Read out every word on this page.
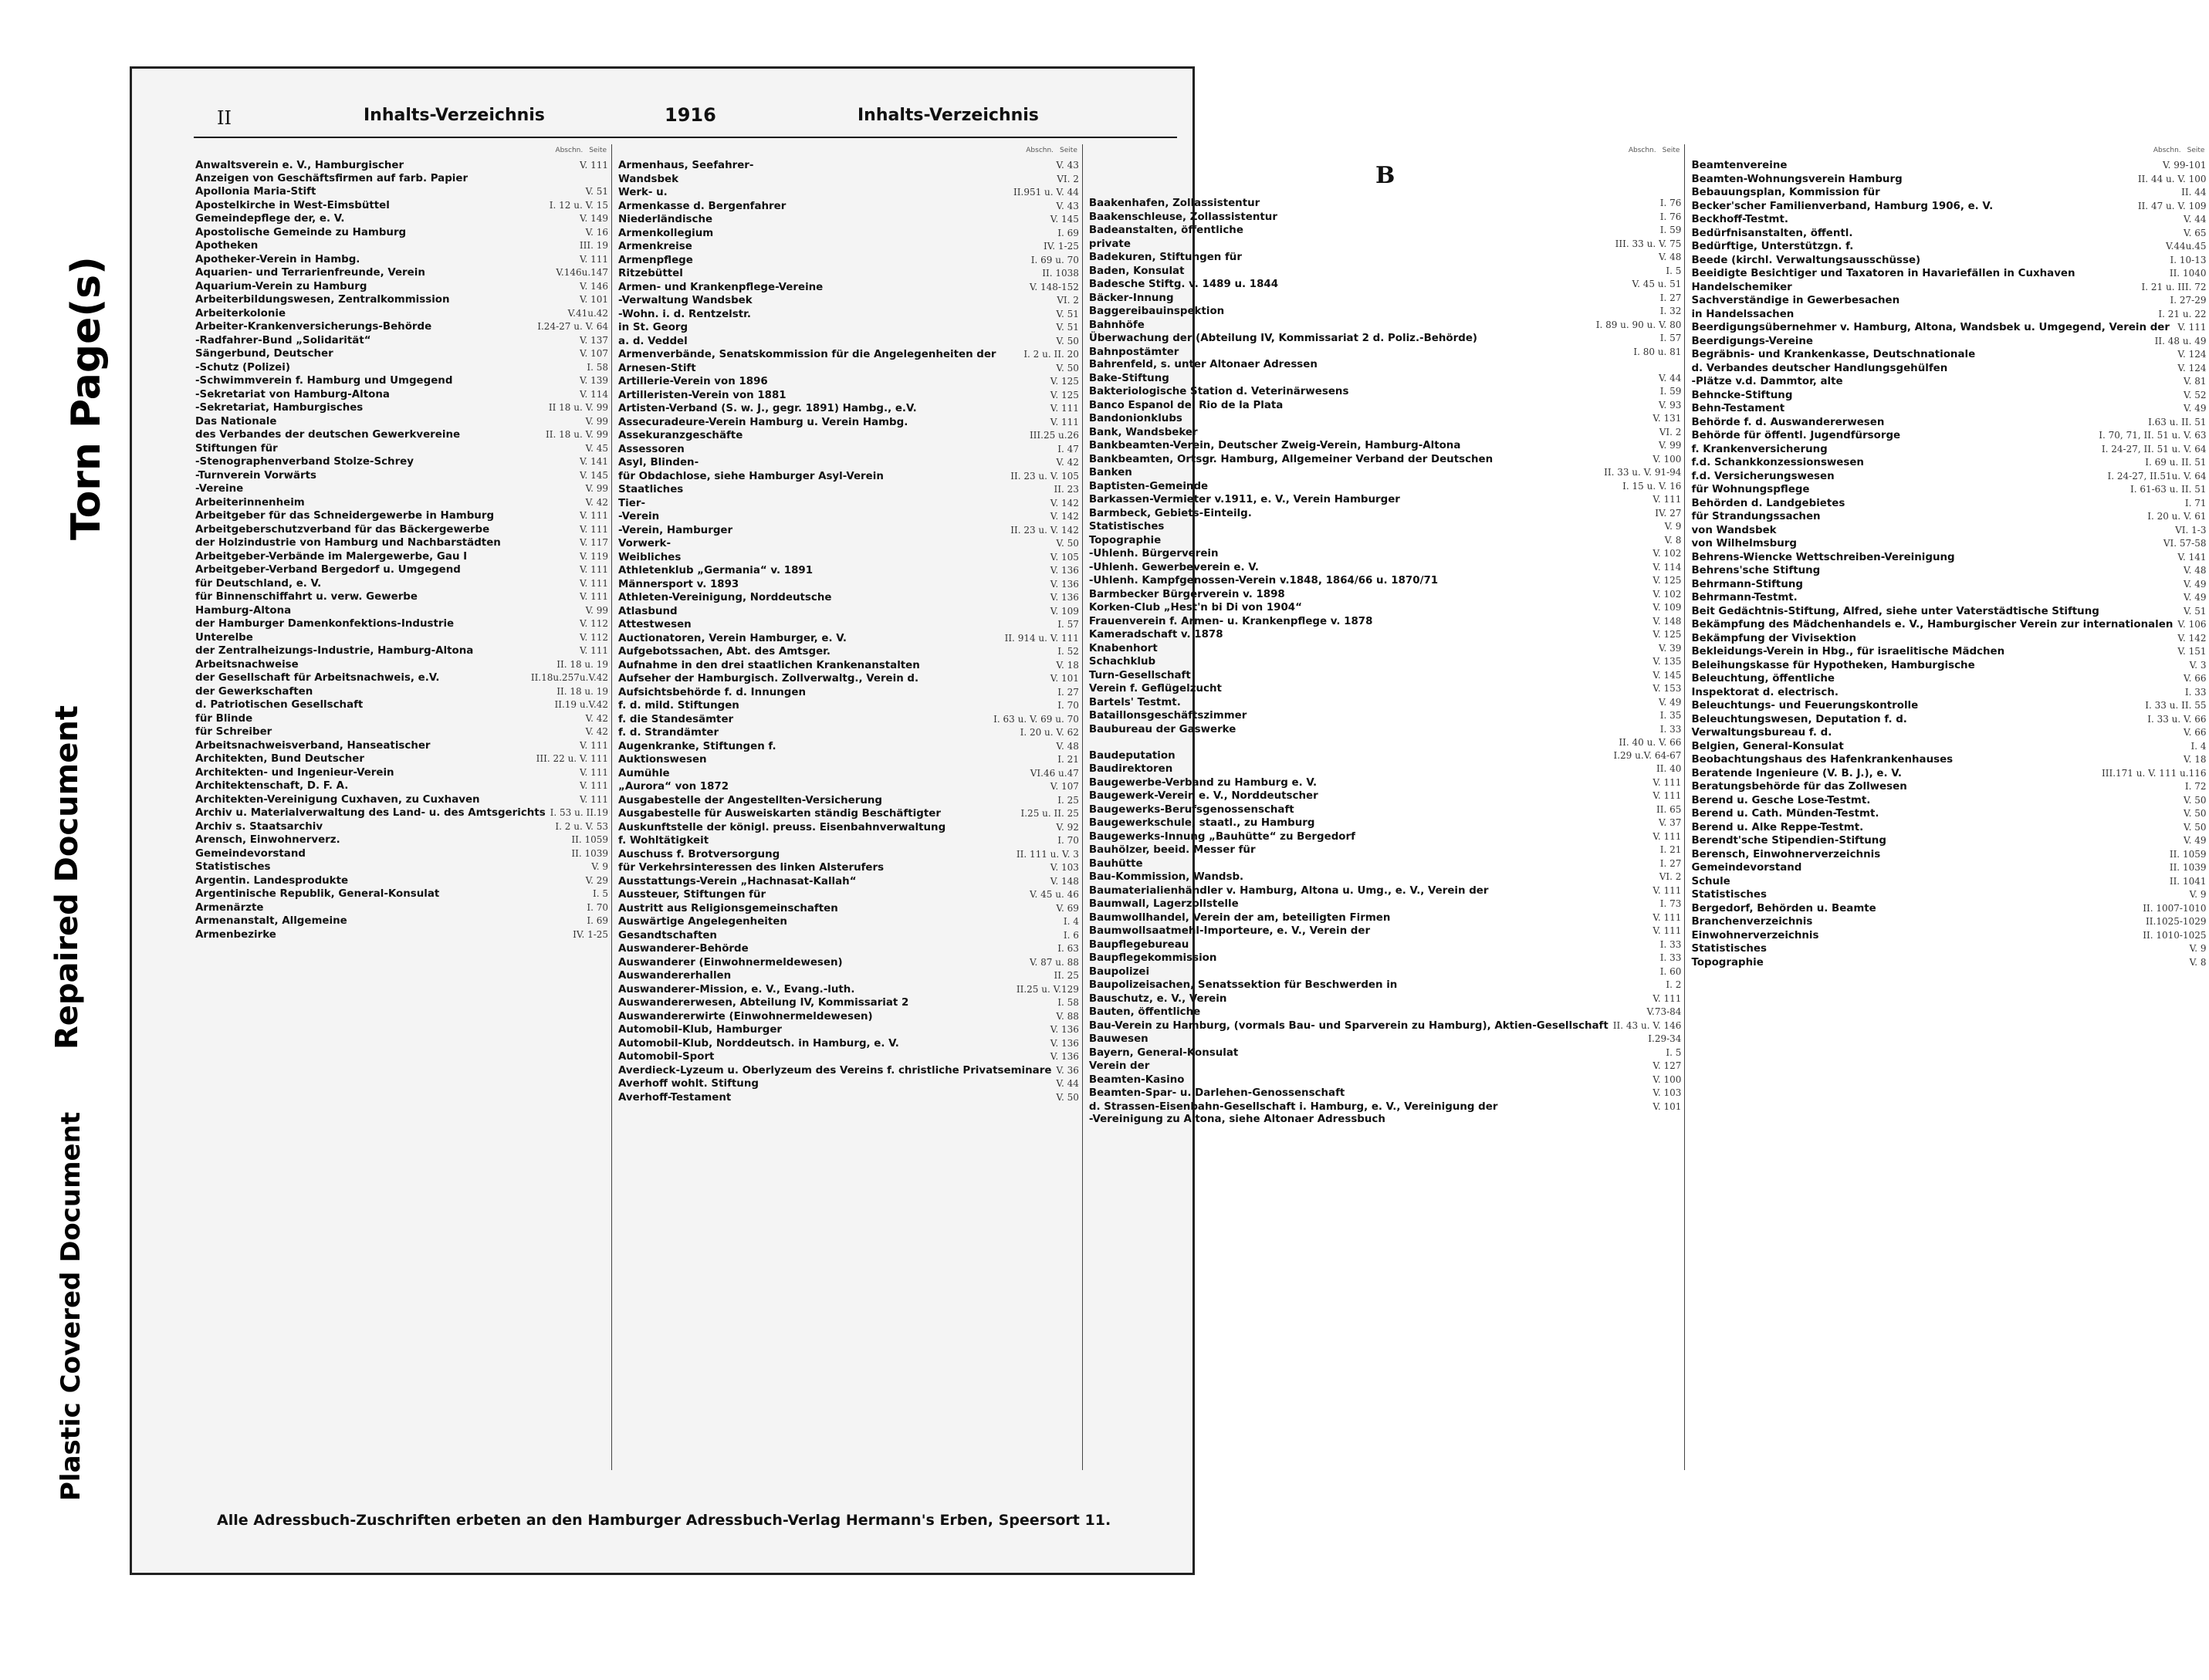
Plastic Covered Document
Repaired Document
Torn Page(s)
II	Inhalts-Verzeichnis	1916	Inhalts-Verzeichnis
Abschn. Seite
Anwaltsverein e. V., Hamburgischer	V. 111
Anzeigen von Geschäftsfirmen auf farb. Papier
Apollonia Maria-Stift	V. 51
Apostelkirche in West-Eimsbüttel	I. 12 u. V. 15
Gemeindepflege der, e. V.	V. 149
Apostolische Gemeinde zu Hamburg	V. 16
Apotheken	III. 19
Apotheker-Verein in Hambg.	V. 111
Aquarien- und Terrarienfreunde, Verein	V.146u.147
Aquarium-Verein zu Hamburg	V. 146
Arbeiterbildungswesen, Zentralkommission	V. 101
Arbeiterkolonie	V.41u.42
Arbeiter-Krankenversicherungs-Behörde	I.24-27 u. V. 64
-Radfahrer-Bund „Solidarität“	V. 137
Sängerbund, Deutscher	V. 107
-Schutz (Polizei)	I. 58
-Schwimmverein f. Hamburg und Umgegend	V. 139
-Sekretariat von Hamburg-Altona	V. 114
-Sekretariat, Hamburgisches	II 18 u. V. 99
Das Nationale	V. 99
des Verbandes der deutschen Gewerkvereine	II. 18 u. V. 99
Stiftungen für	V. 45
-Stenographenverband Stolze-Schrey	V. 141
-Turnverein Vorwärts	V. 145
-Vereine	V. 99
Arbeiterinnenheim	V. 42
Arbeitgeber für das Schneidergewerbe in Hamburg	V. 111
Arbeitgeberschutzverband für das Bäckergewerbe	V. 111
der Holzindustrie von Hamburg und Nachbarstädten	V. 117
Arbeitgeber-Verbände im Malergewerbe, Gau I	V. 119
Arbeitgeber-Verband Bergedorf u. Umgegend	V. 111
für Deutschland, e. V.	V. 111
für Binnenschiffahrt u. verw. Gewerbe	V. 111
Hamburg-Altona	V. 99
der Hamburger Damenkonfektions-Industrie	V. 112
Unterelbe	V. 112
der Zentralheizungs-Industrie, Hamburg-Altona	V. 111
Arbeitsnachweise	II. 18 u. 19
der Gesellschaft für Arbeitsnachweis, e.V.	II.18u.257u.V.42
der Gewerkschaften	II. 18 u. 19
d. Patriotischen Gesellschaft	II.19 u.V.42
für Blinde	V. 42
für Schreiber	V. 42
Arbeitsnachweisverband, Hanseatischer	V. 111
Architekten, Bund Deutscher	III. 22 u. V. 111
Architekten- und Ingenieur-Verein	V. 111
Architektenschaft, D. F. A.	V. 111
Architekten-Vereinigung Cuxhaven, zu Cuxhaven	V. 111
Archiv u. Materialverwaltung des Land- u. des Amtsgerichts I. 53 u. II.19
Archiv s. Staatsarchiv	I. 2 u. V. 53
Arensch, Einwohnerverz.	II. 1059
Gemeindevorstand	II. 1039
Statistisches	V. 9
Argentin. Landesprodukte	V. 29
Argentinische Republik, General-Konsulat	I. 5
Armenärzte	I. 70
Armenanstalt, Allgemeine	I. 69
Armenbezirke	IV. 1-25
Abschn. Seite
Armenhaus, Seefahrer-	V. 43
Wandsbek	VI. 2
Werk- u.	II.951 u. V. 44
Armenkasse d. Bergenfahrer	V. 43
Niederländische	V. 145
Armenkollegium	I. 69
Armenkreise	IV. 1-25
Armenpflege	I. 69 u. 70
Ritzebüttel	II. 1038
Armen- und Krankenpflege-Vereine	V. 148-152
-Verwaltung Wandsbek	VI. 2
-Wohn. i. d. Rentzelstr.	V. 51
in St. Georg	V. 51
a. d. Veddel	V. 50
Armenverbände, Senatskommission für die Angelegenheiten der	I. 2 u. II. 20
Arnesen-Stift	V. 50
Artillerie-Verein von 1896	V. 125
Artilleristen-Verein von 1881	V. 125
Artisten-Verband (S. w. J., gegr. 1891) Hambg., e.V.	V. 111
Assecuradeure-Verein Hamburg u. Verein Hambg.	V. 111
Assekuranzgeschäfte	III.25 u.26
Assessoren	I. 47
Asyl, Blinden-	V. 42
für Obdachlose, siehe Hamburger Asyl-Verein	II. 23 u. V. 105
Staatliches	II. 23
Tier-	V. 142
-Verein	V. 142
-Verein, Hamburger	II. 23 u. V. 142
Vorwerk-	V. 50
Weibliches	V. 105
Athletenklub „Germania“ v. 1891	V. 136
Männersport v. 1893	V. 136
Athleten-Vereinigung, Norddeutsche	V. 136
Atlasbund	V. 109
Attestwesen	I. 57
Auctionatoren, Verein Hamburger, e. V.	II. 914 u. V. 111
Aufgebotssachen, Abt. des Amtsger.	I. 52
Aufnahme in den drei staatlichen Krankenanstalten	V. 18
Aufseher der Hamburgisch. Zollverwaltg., Verein d.	V. 101
Aufsichtsbehörde f. d. Innungen	I. 27
f. d. mild. Stiftungen	I. 70
f. die Standesämter	I. 63 u. V. 69 u. 70
f. d. Strandämter	I. 20 u. V. 62
Augenkranke, Stiftungen f.	V. 48
Auktionswesen	I. 21
Aumühle	VI.46 u.47
„Aurora“ von 1872	V. 107
Ausgabestelle der Angestellten-Versicherung	I. 25
Ausgabestelle für Ausweiskarten ständig Beschäftigter	I.25 u. II. 25
Auskunftstelle der königl. preuss. Eisenbahnverwaltung	V. 92
f. Wohltätigkeit	I. 70
Auschuss f. Brotversorgung	II. 111 u. V. 3
für Verkehrsinteressen des linken Alsterufers	V. 103
Ausstattungs-Verein „Hachnasat-Kallah“	V. 148
Aussteuer, Stiftungen für	V. 45 u. 46
Austritt aus Religionsgemeinschaften	V. 69
Auswärtige Angelegenheiten	I. 4
Gesandtschaften	I. 6
Auswanderer-Behörde	I. 63
Auswanderer (Einwohnermeldewesen)	V. 87 u. 88
Auswandererhallen	II. 25
Auswanderer-Mission, e. V., Evang.-luth.	II.25 u. V.129
Auswandererwesen, Abteilung IV, Kommissariat 2	I. 58
Auswandererwirte (Einwohnermeldewesen)	V. 88
Automobil-Klub, Hamburger	V. 136
Automobil-Klub, Norddeutsch. in Hamburg, e. V.	V. 136
Automobil-Sport	V. 136
Averdieck-Lyzeum u. Oberlyzeum des Vereins f. christliche Privatseminare V. 36
Averhoff wohlt. Stiftung	V. 44
Averhoff-Testament	V. 50
Abschn. Seite
B
Baakenhafen, Zollassistentur	I. 76
Baakenschleuse, Zollassistentur	I. 76
Badeanstalten, öffentliche	I. 59
private	III. 33 u. V. 75
Badekuren, Stiftungen für	V. 48
Baden, Konsulat	I. 5
Badesche Stiftg. v. 1489 u. 1844	V. 45 u. 51
Bäcker-Innung	I. 27
Baggereibauinspektion	I. 32
Bahnhöfe	I. 89 u. 90 u. V. 80
Überwachung der (Abteilung IV, Kommissariat 2 d. Poliz.-Behörde)	I. 57
Bahnpostämter	I. 80 u. 81
Bahrenfeld, s. unter Altonaer Adressen
Bake-Stiftung	V. 44
Bakteriologische Station d. Veterinärwesens	I. 59
Banco Espanol del Rio de la Plata	V. 93
Bandonionklubs	V. 131
Bank, Wandsbeker	VI. 2
Bankbeamten-Verein, Deutscher Zweig-Verein, Hamburg-Altona	V. 99
Bankbeamten, Ortsgr. Hamburg, Allgemeiner Verband der Deutschen	V. 100
Banken	II. 33 u. V. 91-94
Baptisten-Gemeinde	I. 15 u. V. 16
Barkassen-Vermieter v.1911, e. V., Verein Hamburger	V. 111
Barmbeck, Gebiets-Einteilg.	IV. 27
Statistisches	V. 9
Topographie	V. 8
-Uhlenh. Bürgerverein	V. 102
-Uhlenh. Gewerbeverein e. V.	V. 114
-Uhlenh. Kampfgenossen-Verein v.1848, 1864/66 u. 1870/71	V. 125
Barmbecker Bürgerverein v. 1898	V. 102
Korken-Club „Hest'n bi Di von 1904“	V. 109
Frauenverein f. Armen- u. Krankenpflege v. 1878	V. 148
Kameradschaft v. 1878	V. 125
Knabenhort	V. 39
Schachklub	V. 135
Turn-Gesellschaft	V. 145
Verein f. Geflügelzucht	V. 153
Bartels' Testmt.	V. 49
Bataillonsgeschäftszimmer	I. 35
Baubureau der Gaswerke	I. 33
II. 40 u. V. 66
Baudeputation	I.29 u.V. 64-67
Baudirektoren	II. 40
Baugewerbe-Verband zu Hamburg e. V.	V. 111
Baugewerk-Verein e. V., Norddeutscher	V. 111
Baugewerks-Berufsgenossenschaft	II. 65
Baugewerkschule, staatl., zu Hamburg	V. 37
Baugewerks-Innung „Bauhütte“ zu Bergedorf	V. 111
Bauhölzer, beeid. Messer für	I. 21
Bauhütte	I. 27
Bau-Kommission, Wandsb.	VI. 2
Baumaterialienhändler v. Hamburg, Altona u. Umg., e. V., Verein der	V. 111
Baumwall, Lagerzollstelle	I. 73
Baumwollhandel, Verein der am, beteiligten Firmen	V. 111
Baumwollsaatmehl-Importeure, e. V., Verein der	V. 111
Baupflegebureau	I. 33
Baupflegekommission	I. 33
Baupolizei	I. 60
Baupolizeisachen, Senatssektion für Beschwerden in	I. 2
Bauschutz, e. V., Verein	V. 111
Bauten, öffentliche	V.73-84
Bau-Verein zu Hamburg, (vormals Bau- und Sparverein zu Hamburg), Aktien-Gesellschaft II. 43 u. V. 146
Bauwesen	I.29-34
Bayern, General-Konsulat	I. 5
Verein der	V. 127
Beamten-Kasino	V. 100
Beamten-Spar- u. Darlehen-Genossenschaft	V. 103
d. Strassen-Eisenbahn-Gesellschaft i. Hamburg, e. V., Vereinigung der	V. 101
-Vereinigung zu Altona, siehe Altonaer Adressbuch
Abschn. Seite
Beamtenvereine	V. 99-101
Beamten-Wohnungsverein Hamburg	II. 44 u. V. 100
Bebauungsplan, Kommission für	II. 44
Becker'scher Familienverband, Hamburg 1906, e. V.	II. 47 u. V. 109
Beckhoff-Testmt.	V. 44
Bedürfnisanstalten, öffentl.	V. 65
Bedürftige, Unterstützgn. f.	V.44u.45
Beede (kirchl. Verwaltungsausschüsse)	I. 10-13
Beeidigte Besichtiger und Taxatoren in Havariefällen in Cuxhaven	II. 1040
Handelschemiker	I. 21 u. III. 72
Sachverständige in Gewerbesachen	I. 27-29
in Handelssachen	I. 21 u. 22
Beerdigungsübernehmer v. Hamburg, Altona, Wandsbek u. Umgegend, Verein der V. 111
Beerdigungs-Vereine	II. 48 u. 49
Begräbnis- und Krankenkasse, Deutschnationale	V. 124
d. Verbandes deutscher Handlungsgehülfen	V. 124
-Plätze v.d. Dammtor, alte	V. 81
Behncke-Stiftung	V. 52
Behn-Testament	V. 49
Behörde f. d. Auswandererwesen	I.63 u. II. 51
Behörde für öffentl. Jugendfürsorge	I. 70, 71, II. 51 u. V. 63
f. Krankenversicherung	I. 24-27, II. 51 u. V. 64
f.d. Schankkonzessionswesen	I. 69 u. II. 51
f.d. Versicherungswesen	I. 24-27, II.51u. V. 64
für Wohnungspflege	I. 61-63 u. II. 51
Behörden d. Landgebietes	I. 71
für Strandungssachen	I. 20 u. V. 61
von Wandsbek	VI. 1-3
von Wilhelmsburg	VI. 57-58
Behrens-Wiencke Wettschreiben-Vereinigung	V. 141
Behrens'sche Stiftung	V. 48
Behrmann-Stiftung	V. 49
Behrmann-Testmt.	V. 49
Beit Gedächtnis-Stiftung, Alfred, siehe unter Vaterstädtische Stiftung	V. 51
Bekämpfung des Mädchenhandels e. V., Hamburgischer Verein zur internationalen V. 106
Bekämpfung der Vivisektion	V. 142
Bekleidungs-Verein in Hbg., für israelitische Mädchen	V. 151
Beleihungskasse für Hypotheken, Hamburgische	V. 3
Beleuchtung, öffentliche	V. 66
Inspektorat d. electrisch.	I. 33
Beleuchtungs- und Feuerungskontrolle	I. 33 u. II. 55
Beleuchtungswesen, Deputation f. d.	I. 33 u. V. 66
Verwaltungsbureau f. d.	V. 66
Belgien, General-Konsulat	I. 4
Beobachtungshaus des Hafenkrankenhauses	V. 18
Beratende Ingenieure (V. B. J.), e. V.	III.171 u. V. 111 u.116
Beratungsbehörde für das Zollwesen	I. 72
Berend u. Gesche Lose-Testmt.	V. 50
Berend u. Cath. Münden-Testmt.	V. 50
Berend u. Alke Reppe-Testmt.	V. 50
Berendt'sche Stipendien-Stiftung	V. 49
Berensch, Einwohnerverzeichnis	II. 1059
Gemeindevorstand	II. 1039
Schule	II. 1041
Statistisches	V. 9
Bergedorf, Behörden u. Beamte	II. 1007-1010
Branchenverzeichnis	II.1025-1029
Einwohnerverzeichnis	II. 1010-1025
Statistisches	V. 9
Topographie	V. 8
Alle Adressbuch-Zuschriften erbeten an den Hamburger Adressbuch-Verlag Hermann's Erben, Speersort 11.
